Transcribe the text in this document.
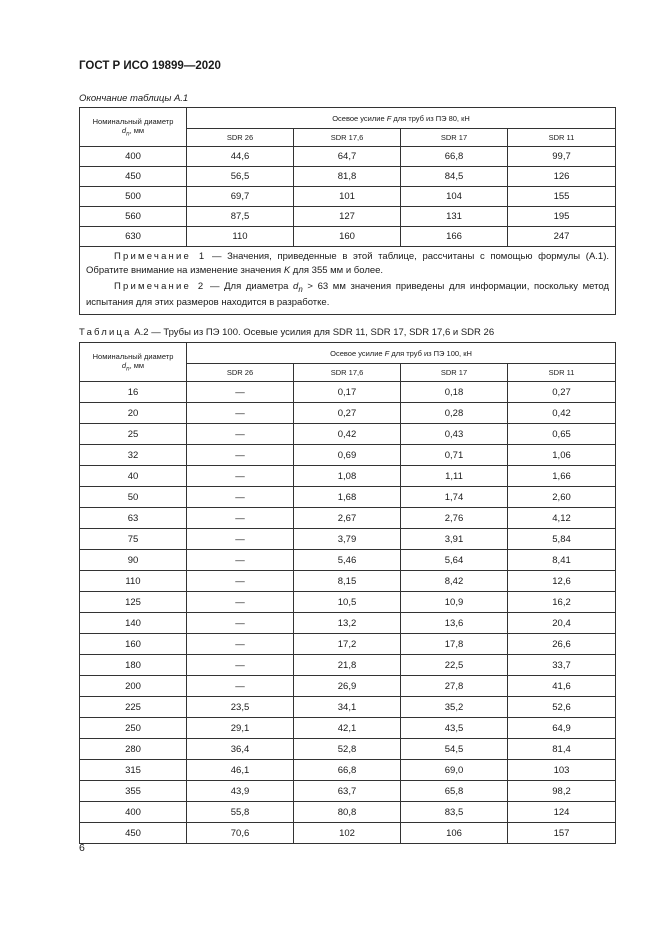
ГОСТ Р ИСО 19899—2020
Окончание таблицы А.1
Номинальный диаметр
$d_n$, мм	Осевое усилие F для труб из ПЭ 80, кН			
	SDR 26	SDR 17,6	SDR 17	SDR 11
400	44,6	64,7	66,8	99,7
450	56,5	81,8	84,5	126
500	69,7	101	104	155
560	87,5	127	131	195
630	110	160	166	247

Примечание 1 — Значения, приведенные в этой таблице, рассчитаны с помощью формулы (А.1). Обратите внимание на изменение значения K для 355 мм и более.

Примечание 2 — Для диаметра $d_n > 63$ мм значения приведены для информации, поскольку метод испытания для этих размеров находится в разработке.				

Таблица А.2 — Трубы из ПЭ 100. Осевые усилия для SDR 11, SDR 17, SDR 17,6 и SDR 26
Номинальный диаметр
$d_n$, мм	Осевое усилие F для труб из ПЭ 100, кН			
	SDR 26	SDR 17,6	SDR 17	SDR 11
16	—	0,17	0,18	0,27
20	—	0,27	0,28	0,42
25	—	0,42	0,43	0,65
32	—	0,69	0,71	1,06
40	—	1,08	1,11	1,66
50	—	1,68	1,74	2,60
63	—	2,67	2,76	4,12
75	—	3,79	3,91	5,84
90	—	5,46	5,64	8,41
110	—	8,15	8,42	12,6
125	—	10,5	10,9	16,2
140	—	13,2	13,6	20,4
160	—	17,2	17,8	26,6
180	—	21,8	22,5	33,7
200	—	26,9	27,8	41,6
225	23,5	34,1	35,2	52,6
250	29,1	42,1	43,5	64,9
280	36,4	52,8	54,5	81,4
315	46,1	66,8	69,0	103
355	43,9	63,7	65,8	98,2
400	55,8	80,8	83,5	124
450	70,6	102	106	157
6
